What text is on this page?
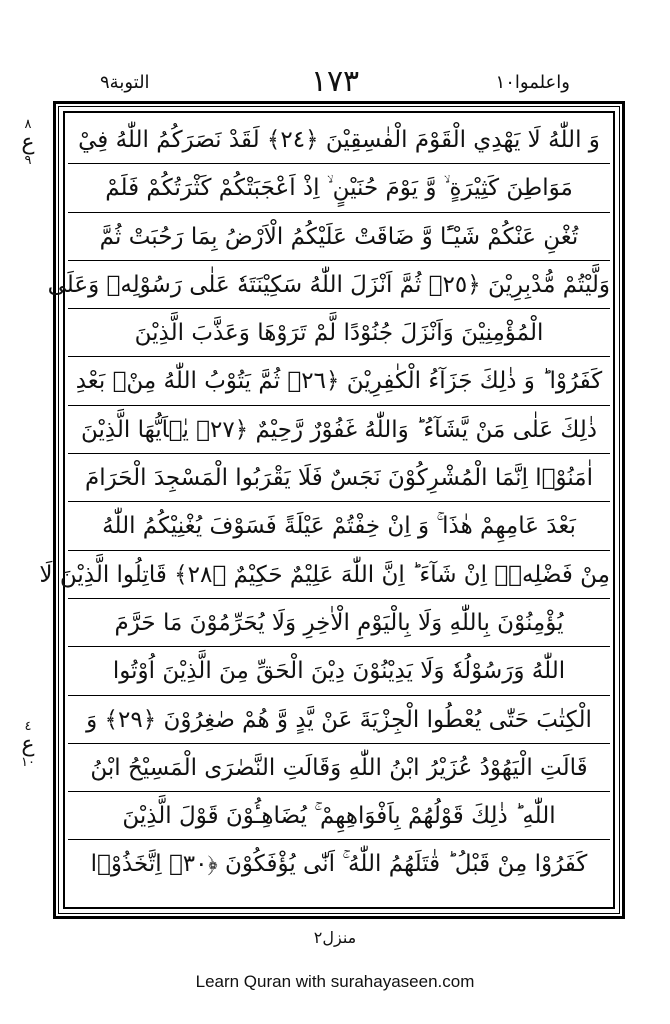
التوبة٩	١٧٣	واعلموا١٠
٨
ع
٩
٤
ع
١٠
وَ اللّٰهُ لَا يَهْدِي الْقَوْمَ الْفٰسِقِيْنَ ﴿٢٤﴾ لَقَدْ نَصَرَكُمُ اللّٰهُ فِيْ
مَوَاطِنَ كَثِيْرَةٍ ۙ وَّ يَوْمَ حُنَيْنٍ ۙ اِذْ اَعْجَبَتْكُمْ كَثْرَتُكُمْ فَلَمْ
تُغْنِ عَنْكُمْ شَيْـًٔا وَّ ضَاقَتْ عَلَيْكُمُ الْاَرْضُ بِمَا رَحُبَتْ ثُمَّ
وَلَّيْتُمْ مُّدْبِرِيْنَ ﴿٢٥﴾ ثُمَّ اَنْزَلَ اللّٰهُ سَكِيْنَتَهٗ عَلٰى رَسُوْلِهٖ وَعَلَى
الْمُؤْمِنِيْنَ وَاَنْزَلَ جُنُوْدًا لَّمْ تَرَوْهَا وَعَذَّبَ الَّذِيْنَ
كَفَرُوْا ؕ وَ ذٰلِكَ جَزَآءُ الْكٰفِرِيْنَ ﴿٢٦﴾ ثُمَّ يَتُوْبُ اللّٰهُ مِنْۢ بَعْدِ
ذٰلِكَ عَلٰى مَنْ يَّشَآءُ ؕ وَاللّٰهُ غَفُوْرٌ رَّحِيْمٌ ﴿٢٧﴾ يٰۤاَيُّهَا الَّذِيْنَ
اٰمَنُوْۤا اِنَّمَا الْمُشْرِكُوْنَ نَجَسٌ فَلَا يَقْرَبُوا الْمَسْجِدَ الْحَرَامَ
بَعْدَ عَامِهِمْ هٰذَا ۚ وَ اِنْ خِفْتُمْ عَيْلَةً فَسَوْفَ يُغْنِيْكُمُ اللّٰهُ
مِنْ فَضْلِهٖۤ اِنْ شَآءَ ؕ اِنَّ اللّٰهَ عَلِيْمٌ حَكِيْمٌ ﴿٢٨﴾ قَاتِلُوا الَّذِيْنَ لَا
يُؤْمِنُوْنَ بِاللّٰهِ وَلَا بِالْيَوْمِ الْاٰخِرِ وَلَا يُحَرِّمُوْنَ مَا حَرَّمَ
اللّٰهُ وَرَسُوْلُهٗ وَلَا يَدِيْنُوْنَ دِيْنَ الْحَقِّ مِنَ الَّذِيْنَ اُوْتُوا
الْكِتٰبَ حَتّٰى يُعْطُوا الْجِزْيَةَ عَنْ يَّدٍ وَّ هُمْ صٰغِرُوْنَ ﴿٢٩﴾ وَ
قَالَتِ الْيَهُوْدُ عُزَيْرُ ابْنُ اللّٰهِ وَقَالَتِ النَّصٰرَى الْمَسِيْحُ ابْنُ
اللّٰهِ ؕ ذٰلِكَ قَوْلُهُمْ بِاَفْوَاهِهِمْ ۚ يُضَاهِـُٔوْنَ قَوْلَ الَّذِيْنَ
كَفَرُوْا مِنْ قَبْلُ ؕ قٰتَلَهُمُ اللّٰهُ ۚ اَنّٰى يُؤْفَكُوْنَ ﴿٣٠﴾ اِتَّخَذُوْۤا
منزل٢
Learn Quran with surahayaseen.com
